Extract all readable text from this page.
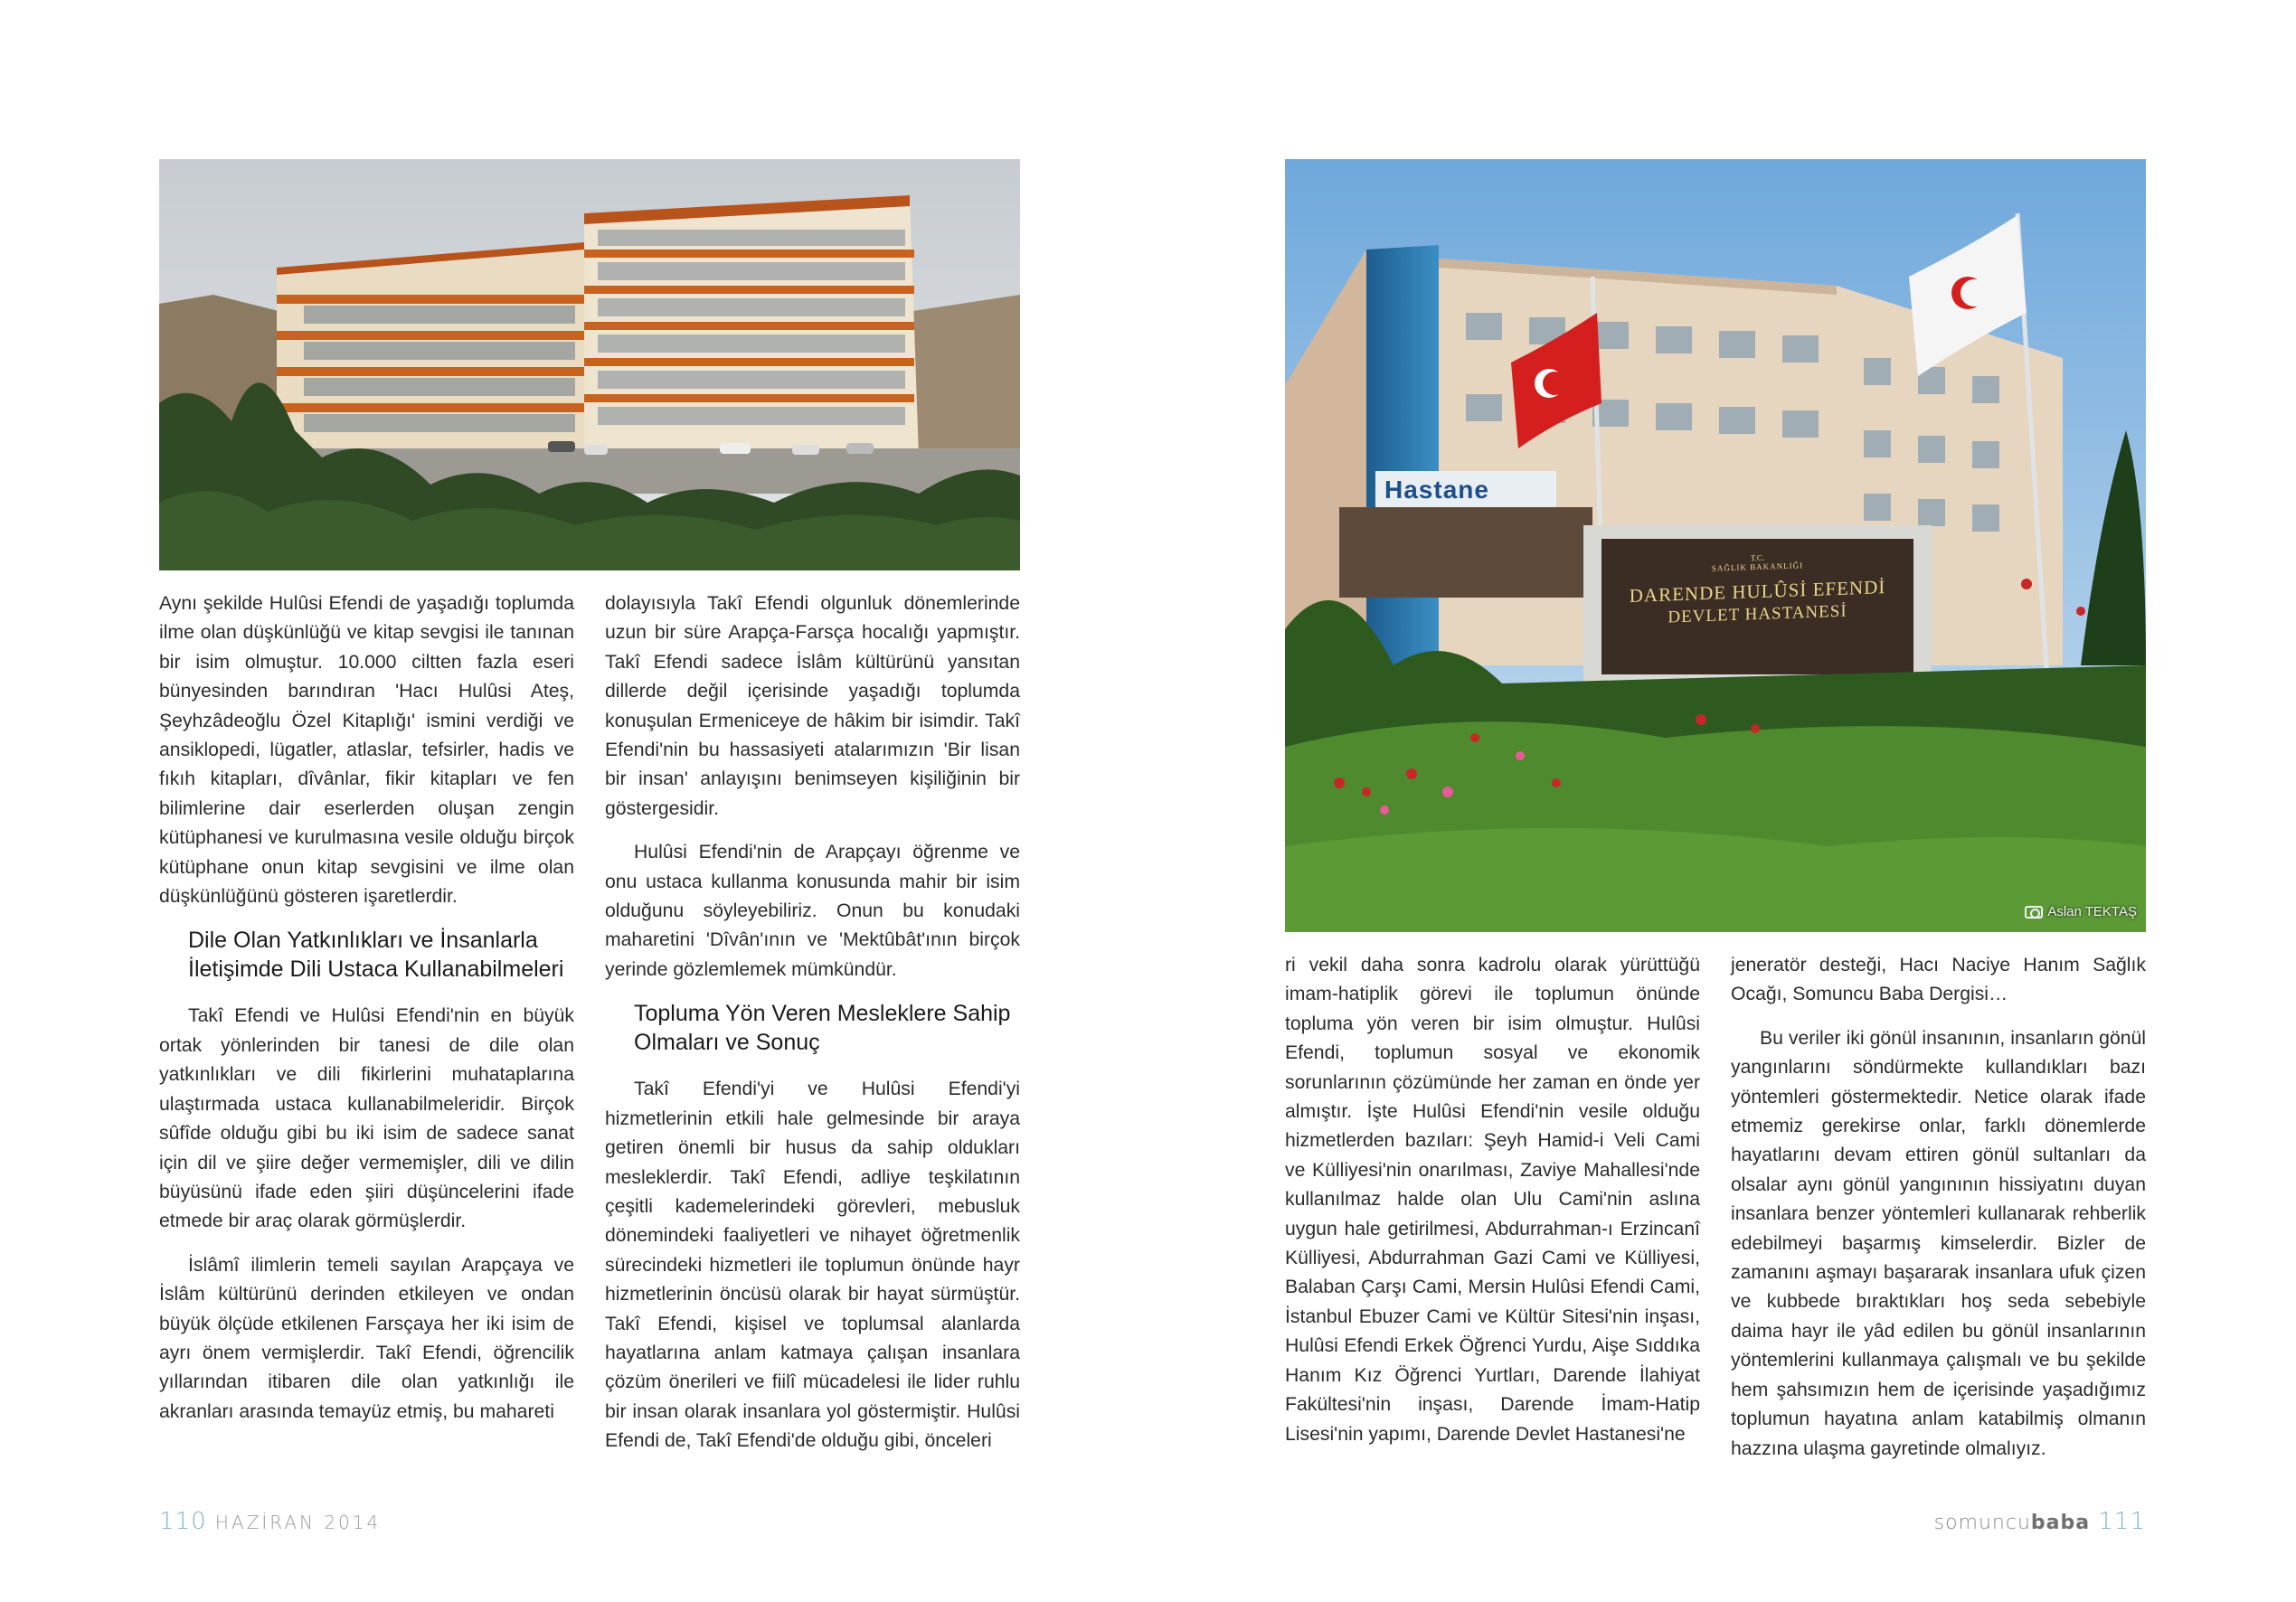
Aynı şekilde Hulûsi Efendi de yaşadığı toplumda ilme olan düşkünlüğü ve kitap sevgisi ile tanınan bir isim olmuştur. 10.000 ciltten fazla eseri bünyesinden barındıran 'Hacı Hulûsi Ateş, Şeyhzâdeoğlu Özel Kitaplığı' ismini verdiği ve ansiklopedi, lügatler, atlaslar, tefsirler, hadis ve fıkıh kitapları, dîvânlar, fikir kitapları ve fen bilimlerine dair eserlerden oluşan zengin kütüphanesi ve kurulmasına vesile olduğu birçok kütüphane onun kitap sevgisini ve ilme olan düşkünlüğünü gösteren işaretlerdir.

Dile Olan Yatkınlıkları ve İnsanlarla İletişimde Dili Ustaca Kullanabilmeleri

Takî Efendi ve Hulûsi Efendi'nin en büyük ortak yönlerinden bir tanesi de dile olan yatkınlıkları ve dili fikirlerini muhataplarına ulaştırmada ustaca kullanabilmeleridir. Birçok sûfîde olduğu gibi bu iki isim de sadece sanat için dil ve şiire değer vermemişler, dili ve dilin büyüsünü ifade eden şiiri düşüncelerini ifade etmede bir araç olarak görmüşlerdir.

İslâmî ilimlerin temeli sayılan Arapçaya ve İslâm kültürünü derinden etkileyen ve ondan büyük ölçüde etkilenen Farsçaya her iki isim de ayrı önem vermişlerdir. Takî Efendi, öğrencilik yıllarından itibaren dile olan yatkınlığı ile akranları arasında temayüz etmiş, bu mahareti

dolayısıyla Takî Efendi olgunluk dönemlerinde uzun bir süre Arapça-Farsça hocalığı yapmıştır. Takî Efendi sadece İslâm kültürünü yansıtan dillerde değil içerisinde yaşadığı toplumda konuşulan Ermeniceye de hâkim bir isimdir. Takî Efendi'nin bu hassasiyeti atalarımızın 'Bir lisan bir insan' anlayışını benimseyen kişiliğinin bir göstergesidir.

Hulûsi Efendi'nin de Arapçayı öğrenme ve onu ustaca kullanma konusunda mahir bir isim olduğunu söyleyebiliriz. Onun bu konudaki maharetini 'Dîvân'ının ve 'Mektûbât'ının birçok yerinde gözlemlemek mümkündür.

Topluma Yön Veren Mesleklere Sahip Olmaları ve Sonuç

Takî Efendi'yi ve Hulûsi Efendi'yi hizmetlerinin etkili hale gelmesinde bir araya getiren önemli bir husus da sahip oldukları mesleklerdir. Takî Efendi, adliye teşkilatının çeşitli kademelerindeki görevleri, mebusluk dönemindeki faaliyetleri ve nihayet öğretmenlik sürecindeki hizmetleri ile toplumun önünde hayr hizmetlerinin öncüsü olarak bir hayat sürmüştür. Takî Efendi, kişisel ve toplumsal alanlarda hayatlarına anlam katmaya çalışan insanlara çözüm önerileri ve fiilî mücadelesi ile lider ruhlu bir insan olarak insanlara yol göstermiştir. Hulûsi Efendi de, Takî Efendi'de olduğu gibi, önceleri

110 HAZİRAN 2014
T.C.
SAĞLIK BAKANLIĞI
DARENDE HULÛSİ EFENDİ
DEVLET HASTANESİ
Hastane
Aslan TEKTAŞ

ri vekil daha sonra kadrolu olarak yürüttüğü imam-hatiplik görevi ile toplumun önünde topluma yön veren bir isim olmuştur. Hulûsi Efendi, toplumun sosyal ve ekonomik sorunlarının çözümünde her zaman en önde yer almıştır. İşte Hulûsi Efendi'nin vesile olduğu hizmetlerden bazıları: Şeyh Hamid-i Veli Cami ve Külliyesi'nin onarılması, Zaviye Mahallesi'nde kullanılmaz halde olan Ulu Cami'nin aslına uygun hale getirilmesi, Abdurrahman-ı Erzincanî Külliyesi, Abdurrahman Gazi Cami ve Külliyesi, Balaban Çarşı Cami, Mersin Hulûsi Efendi Cami, İstanbul Ebuzer Cami ve Kültür Sitesi'nin inşası, Hulûsi Efendi Erkek Öğrenci Yurdu, Aişe Sıddıka Hanım Kız Öğrenci Yurtları, Darende İlahiyat Fakültesi'nin inşası, Darende İmam-Hatip Lisesi'nin yapımı, Darende Devlet Hastanesi'ne

jeneratör desteği, Hacı Naciye Hanım Sağlık Ocağı, Somuncu Baba Dergisi…

Bu veriler iki gönül insanının, insanların gönül yangınlarını söndürmekte kullandıkları bazı yöntemleri göstermektedir. Netice olarak ifade etmemiz gerekirse onlar, farklı dönemlerde hayatlarını devam ettiren gönül sultanları da olsalar aynı gönül yangınının hissiyatını duyan insanlara benzer yöntemleri kullanarak rehberlik edebilmeyi başarmış kimselerdir. Bizler de zamanını aşmayı başararak insanlara ufuk çizen ve kubbede bıraktıkları hoş seda sebebiyle daima hayr ile yâd edilen bu gönül insanlarının yöntemlerini kullanmaya çalışmalı ve bu şekilde hem şahsımızın hem de içerisinde yaşadığımız toplumun hayatına anlam katabilmiş olmanın hazzına ulaşma gayretinde olmalıyız.

somuncubaba 111
